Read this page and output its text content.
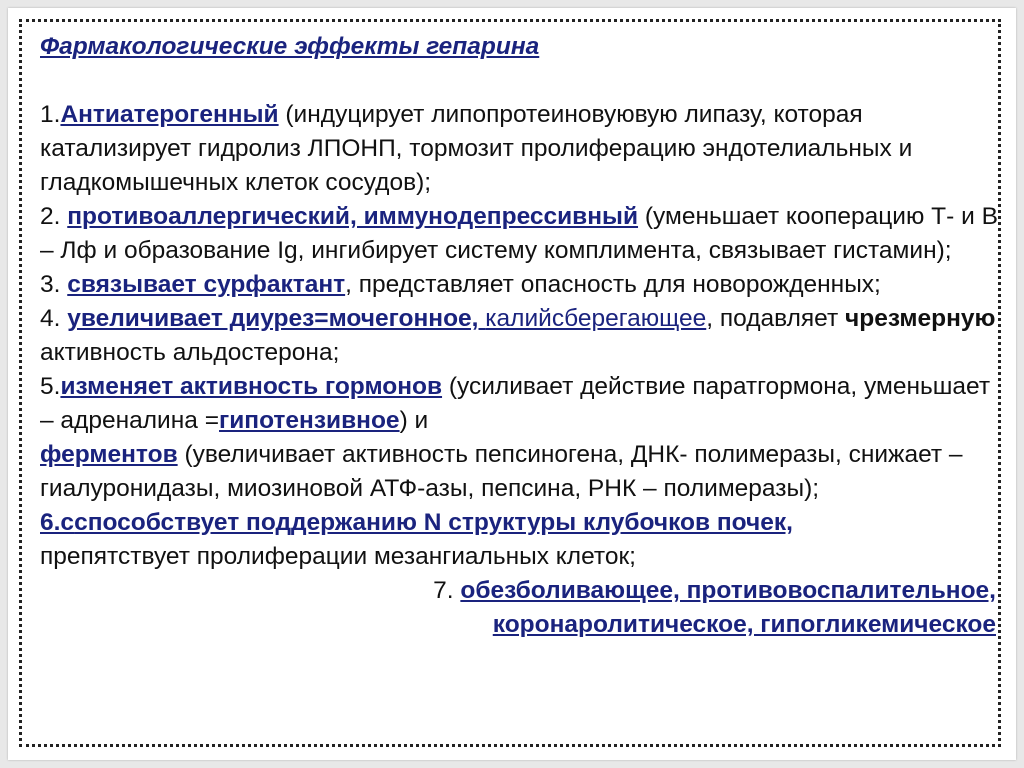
Фармакологические эффекты гепарина

1.Антиатерогенный (индуцирует липопротеиновуювую липазу, которая катализирует гидролиз ЛПОНП, тормозит пролиферацию эндотелиальных и гладкомышечных клеток сосудов);

2. противоаллергический, иммунодепрессивный (уменьшает кооперацию Т- и В – Лф и образование Ig, ингибирует систему комплимента, связывает гистамин);

3. связывает сурфактант, представляет опасность для новорожденных;

4. увеличивает диурез=мочегонное, калийсберегающее, подавляет чрезмерную активность альдостерона;

5.изменяет активность гормонов (усиливает действие паратгормона, уменьшает – адреналина =гипотензивное) и

ферментов (увеличивает активность пепсиногена, ДНК- полимеразы, снижает – гиалуронидазы, миозиновой АТФ-азы, пепсина, РНК – полимеразы);

6.сспособствует поддержанию N структуры клубочков почек,
препятствует пролиферации мезангиальных клеток;

7. обезболивающее, противовоспалительное,
коронаролитическое, гипогликемическое
